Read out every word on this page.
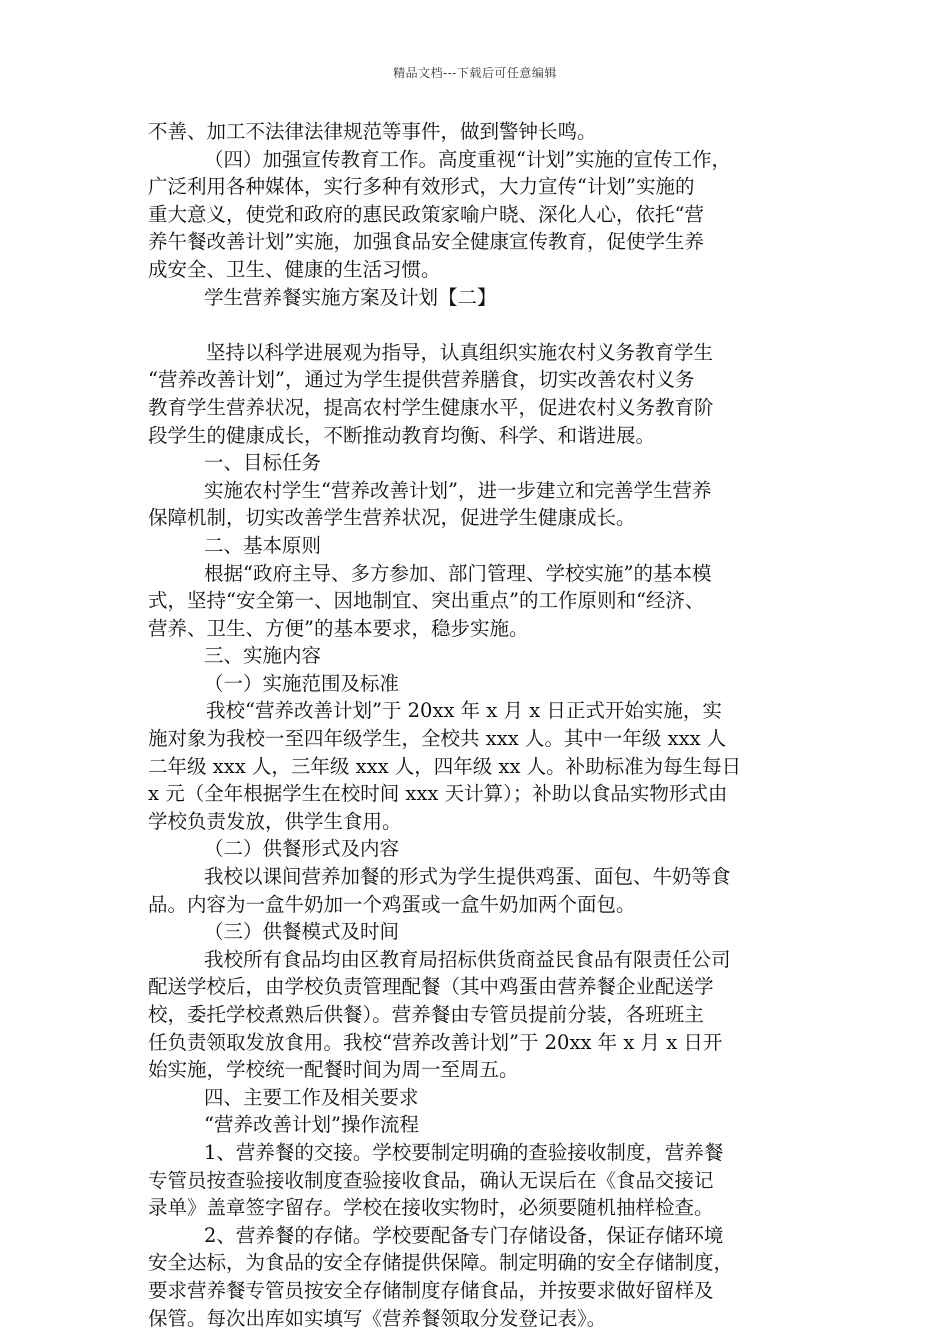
精品文档---下载后可任意编辑
不善、加工不法律法律规范等事件，做到警钟长鸣。
（四）加强宣传教育工作。高度重视“计划”实施的宣传工作，
广泛利用各种媒体，实行多种有效形式，大力宣传“计划”实施的
重大意义，使党和政府的惠民政策家喻户晓、深化人心，依托“营
养午餐改善计划”实施，加强食品安全健康宣传教育，促使学生养
成安全、卫生、健康的生活习惯。
学生营养餐实施方案及计划【二】
坚持以科学进展观为指导，认真组织实施农村义务教育学生
“营养改善计划”，通过为学生提供营养膳食，切实改善农村义务
教育学生营养状况，提高农村学生健康水平，促进农村义务教育阶
段学生的健康成长，不断推动教育均衡、科学、和谐进展。
一、目标任务
实施农村学生“营养改善计划”，进一步建立和完善学生营养
保障机制，切实改善学生营养状况，促进学生健康成长。
二、基本原则
根据“政府主导、多方参加、部门管理、学校实施”的基本模
式，坚持“安全第一、因地制宜、突出重点”的工作原则和“经济、
营养、卫生、方便”的基本要求，稳步实施。
三、实施内容
（一）实施范围及标准
我校“营养改善计划”于 20xx 年 x 月 x 日正式开始实施，实
施对象为我校一至四年级学生，全校共 xxx 人。其中一年级 xxx 人
二年级 xxx 人，三年级 xxx 人，四年级 xx 人。补助标准为每生每日
x 元（全年根据学生在校时间 xxx 天计算）；补助以食品实物形式由
学校负责发放，供学生食用。
（二）供餐形式及内容
我校以课间营养加餐的形式为学生提供鸡蛋、面包、牛奶等食
品。内容为一盒牛奶加一个鸡蛋或一盒牛奶加两个面包。
（三）供餐模式及时间
我校所有食品均由区教育局招标供货商益民食品有限责任公司
配送学校后，由学校负责管理配餐（其中鸡蛋由营养餐企业配送学
校，委托学校煮熟后供餐）。营养餐由专管员提前分装，各班班主
任负责领取发放食用。我校“营养改善计划”于 20xx 年 x 月 x 日开
始实施，学校统一配餐时间为周一至周五。
四、主要工作及相关要求
“营养改善计划”操作流程
1、营养餐的交接。学校要制定明确的查验接收制度，营养餐
专管员按查验接收制度查验接收食品，确认无误后在《食品交接记
录单》盖章签字留存。学校在接收实物时，必须要随机抽样检查。
2、营养餐的存储。学校要配备专门存储设备，保证存储环境
安全达标，为食品的安全存储提供保障。制定明确的安全存储制度，
要求营养餐专管员按安全存储制度存储食品，并按要求做好留样及
保管。每次出库如实填写《营养餐领取分发登记表》。
